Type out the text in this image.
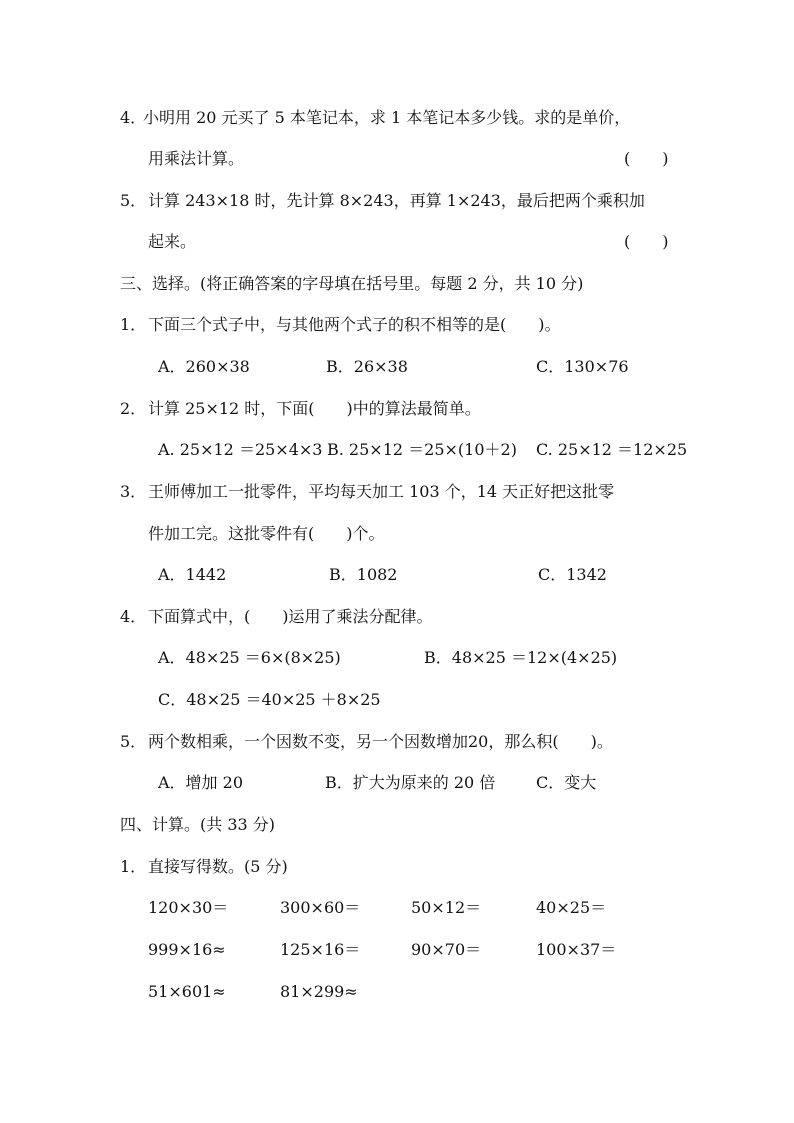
4．
小明用 20 元买了 5 本笔记本，求 1 本笔记本多少钱。求的是单价，
用乘法计算。	(　　)
5． 计算 243×18 时，先计算 8×243，再算 1×243，最后把两个乘积加
起来。	(　　)
三、选择。(将正确答案的字母填在括号里。每题 2 分，共 10 分)
1． 下面三个式子中，与其他两个式子的积不相等的是(　　)。
A．260×38	B．26×38	C．130×76
2． 计算 25×12 时，下面(　　)中的算法最简单。
A. 25×12 ＝25×4×3 B. 25×12 ＝25×(10＋2) C. 25×12 ＝12×25
3． 王师傅加工一批零件，平均每天加工 103 个，14 天正好把这批零
件加工完。这批零件有(　　)个。
A．1442	B．1082	C．1342
4． 下面算式中，(　　)运用了乘法分配律。
A．48×25 ＝6×(8×25)	B．48×25 ＝12×(4×25)
C．48×25 ＝40×25 ＋8×25
5． 两个数相乘，一个因数不变，另一个因数增加20，那么积(　　)。
A．增加 20	B．扩大为原来的 20 倍	C．变大
四、计算。(共 33 分)
1． 直接写得数。(5 分)
120×30＝	300×60＝	50×12＝	40×25＝
999×16≈	125×16＝	90×70＝	100×37＝
51×601≈	81×299≈
